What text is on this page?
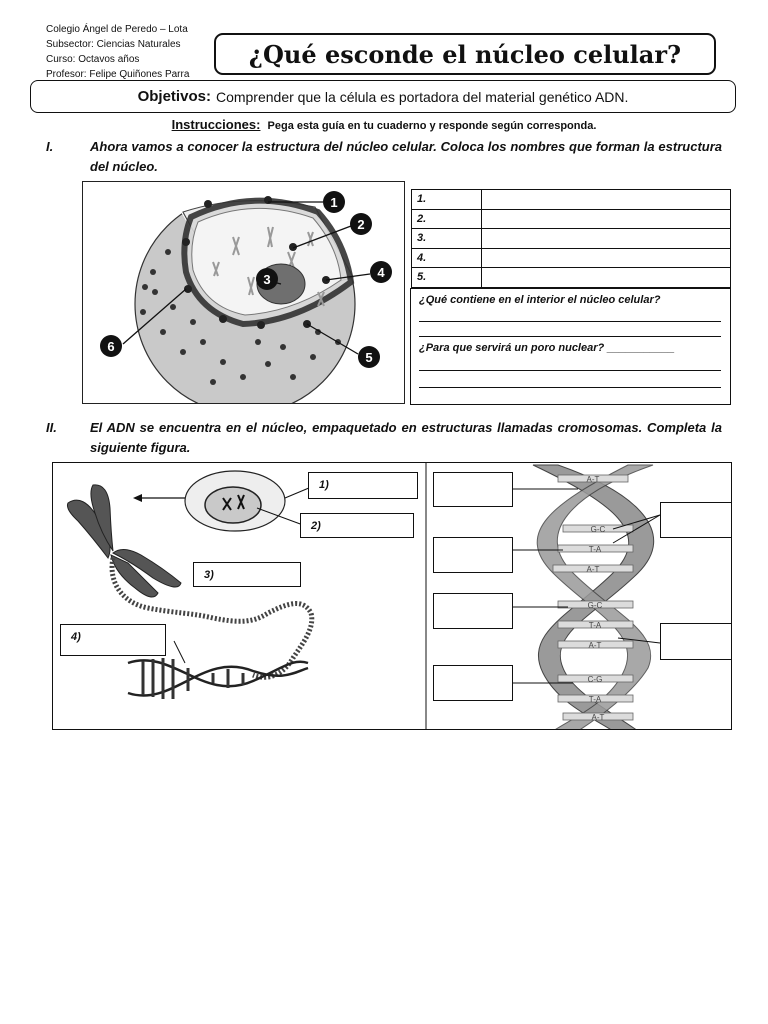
Colegio Ángel de Peredo – Lota
Subsector: Ciencias Naturales
Curso: Octavos años
Profesor: Felipe Quiñones Parra
¿Qué esconde el núcleo celular?
Objetivos: Comprender que la célula es portadora del material genético ADN.
Instrucciones: Pega esta guía en tu cuaderno y responde según corresponda.
I.	Ahora vamos a conocer la estructura del núcleo celular. Coloca los nombres que forman la estructura del núcleo.
1
2
3	4
5
6
1.	
2.	
3.	
4.	
5.	
¿Qué contiene en el interior el núcleo celular?
¿Para que servirá un poro nuclear? ___________
II.	El ADN se encuentra en el núcleo, empaquetado en estructuras llamadas cromosomas. Completa la siguiente figura.
A-T
G-C
T-A
A-T
G-C
T-A
A-T
C-G
T-A
A-T
1)
2)
3)
4)
